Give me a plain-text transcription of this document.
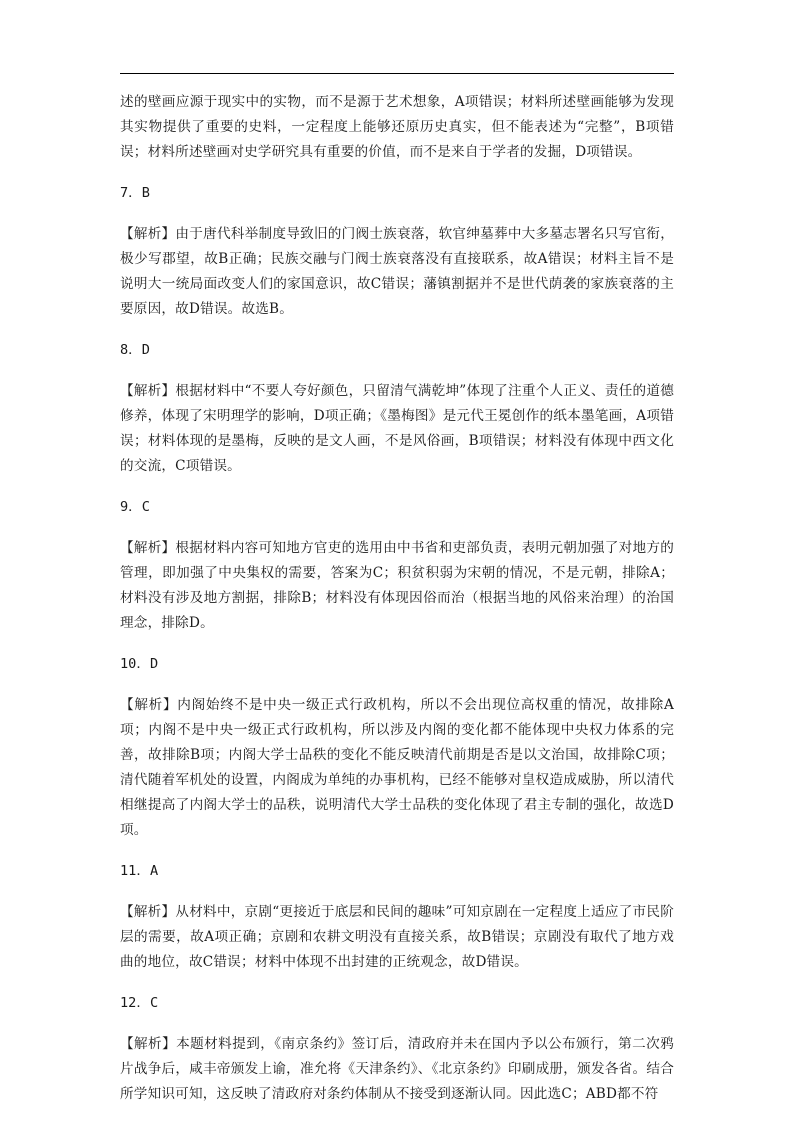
述的壁画应源于现实中的实物，而不是源于艺术想象，A项错误；材料所述壁画能够为发现其实物提供了重要的史料，一定程度上能够还原历史真实，但不能表述为“完整”，B项错误；材料所述壁画对史学研究具有重要的价值，而不是来自于学者的发掘，D项错误。

7．B

【解析】由于唐代科举制度导致旧的门阀士族衰落，软官绅墓葬中大多墓志署名只写官衔，极少写郡望，故B正确；民族交融与门阀士族衰落没有直接联系，故A错误；材料主旨不是说明大一统局面改变人们的家国意识，故C错误；藩镇割据并不是世代荫袭的家族衰落的主要原因，故D错误。故选B。

8．D

【解析】根据材料中“不要人夸好颜色，只留清气满乾坤”体现了注重个人正义、责任的道德修养，体现了宋明理学的影响，D项正确；《墨梅图》是元代王冕创作的纸本墨笔画，A项错误；材料体现的是墨梅，反映的是文人画，不是风俗画，B项错误；材料没有体现中西文化的交流，C项错误。

9．C

【解析】根据材料内容可知地方官吏的选用由中书省和吏部负责，表明元朝加强了对地方的管理，即加强了中央集权的需要，答案为C；积贫积弱为宋朝的情况，不是元朝，排除A；材料没有涉及地方割据，排除B；材料没有体现因俗而治（根据当地的风俗来治理）的治国理念，排除D。

10．D

【解析】内阁始终不是中央一级正式行政机构，所以不会出现位高权重的情况，故排除A项；内阁不是中央一级正式行政机构，所以涉及内阁的变化都不能体现中央权力体系的完善，故排除B项；内阁大学士品秩的变化不能反映清代前期是否是以文治国，故排除C项；清代随着军机处的设置，内阁成为单纯的办事机构，已经不能够对皇权造成威胁，所以清代相继提高了内阁大学士的品秩，说明清代大学士品秩的变化体现了君主专制的强化，故选D项。

11．A

【解析】从材料中，京剧“更接近于底层和民间的趣味”可知京剧在一定程度上适应了市民阶层的需要，故A项正确；京剧和农耕文明没有直接关系，故B错误；京剧没有取代了地方戏曲的地位，故C错误；材料中体现不出封建的正统观念，故D错误。

12．C

【解析】本题材料提到，《南京条约》签订后，清政府并未在国内予以公布颁行，第二次鸦片战争后，咸丰帝颁发上谕，准允将《天津条约》、《北京条约》印刷成册，颁发各省。结合所学知识可知，这反映了清政府对条约体制从不接受到逐渐认同。因此选C；ABD都不符
